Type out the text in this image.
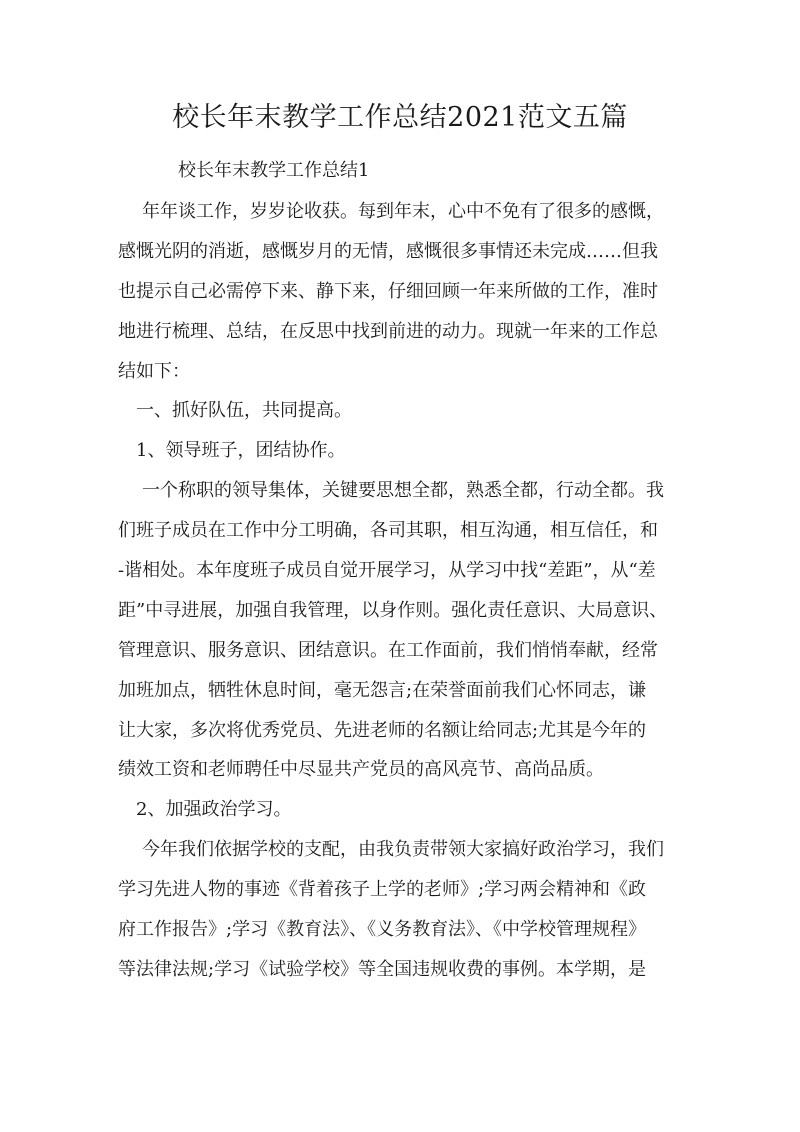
校长年末教学工作总结2021范文五篇
校长年末教学工作总结1
年年谈工作，岁岁论收获。每到年末，心中不免有了很多的感慨，
感慨光阴的消逝，感慨岁月的无情，感慨很多事情还未完成……但我
也提示自己必需停下来、静下来，仔细回顾一年来所做的工作，准时
地进行梳理、总结，在反思中找到前进的动力。现就一年来的工作总
结如下：
一、抓好队伍，共同提高。
1、领导班子，团结协作。
一个称职的领导集体，关键要思想全都，熟悉全都，行动全都。我
们班子成员在工作中分工明确，各司其职，相互沟通，相互信任，和
-谐相处。本年度班子成员自觉开展学习，从学习中找“差距”，从“差
距”中寻进展，加强自我管理，以身作则。强化责任意识、大局意识、
管理意识、服务意识、团结意识。在工作面前，我们悄悄奉献，经常
加班加点，牺牲休息时间，毫无怨言;在荣誉面前我们心怀同志，谦
让大家，多次将优秀党员、先进老师的名额让给同志;尤其是今年的
绩效工资和老师聘任中尽显共产党员的高风亮节、高尚品质。
2、加强政治学习。
今年我们依据学校的支配，由我负责带领大家搞好政治学习，我们
学习先进人物的事迹《背着孩子上学的老师》;学习两会精神和《政
府工作报告》;学习《教育法》、《义务教育法》、《中学校管理规程》
等法律法规;学习《试验学校》等全国违规收费的事例。本学期，是
